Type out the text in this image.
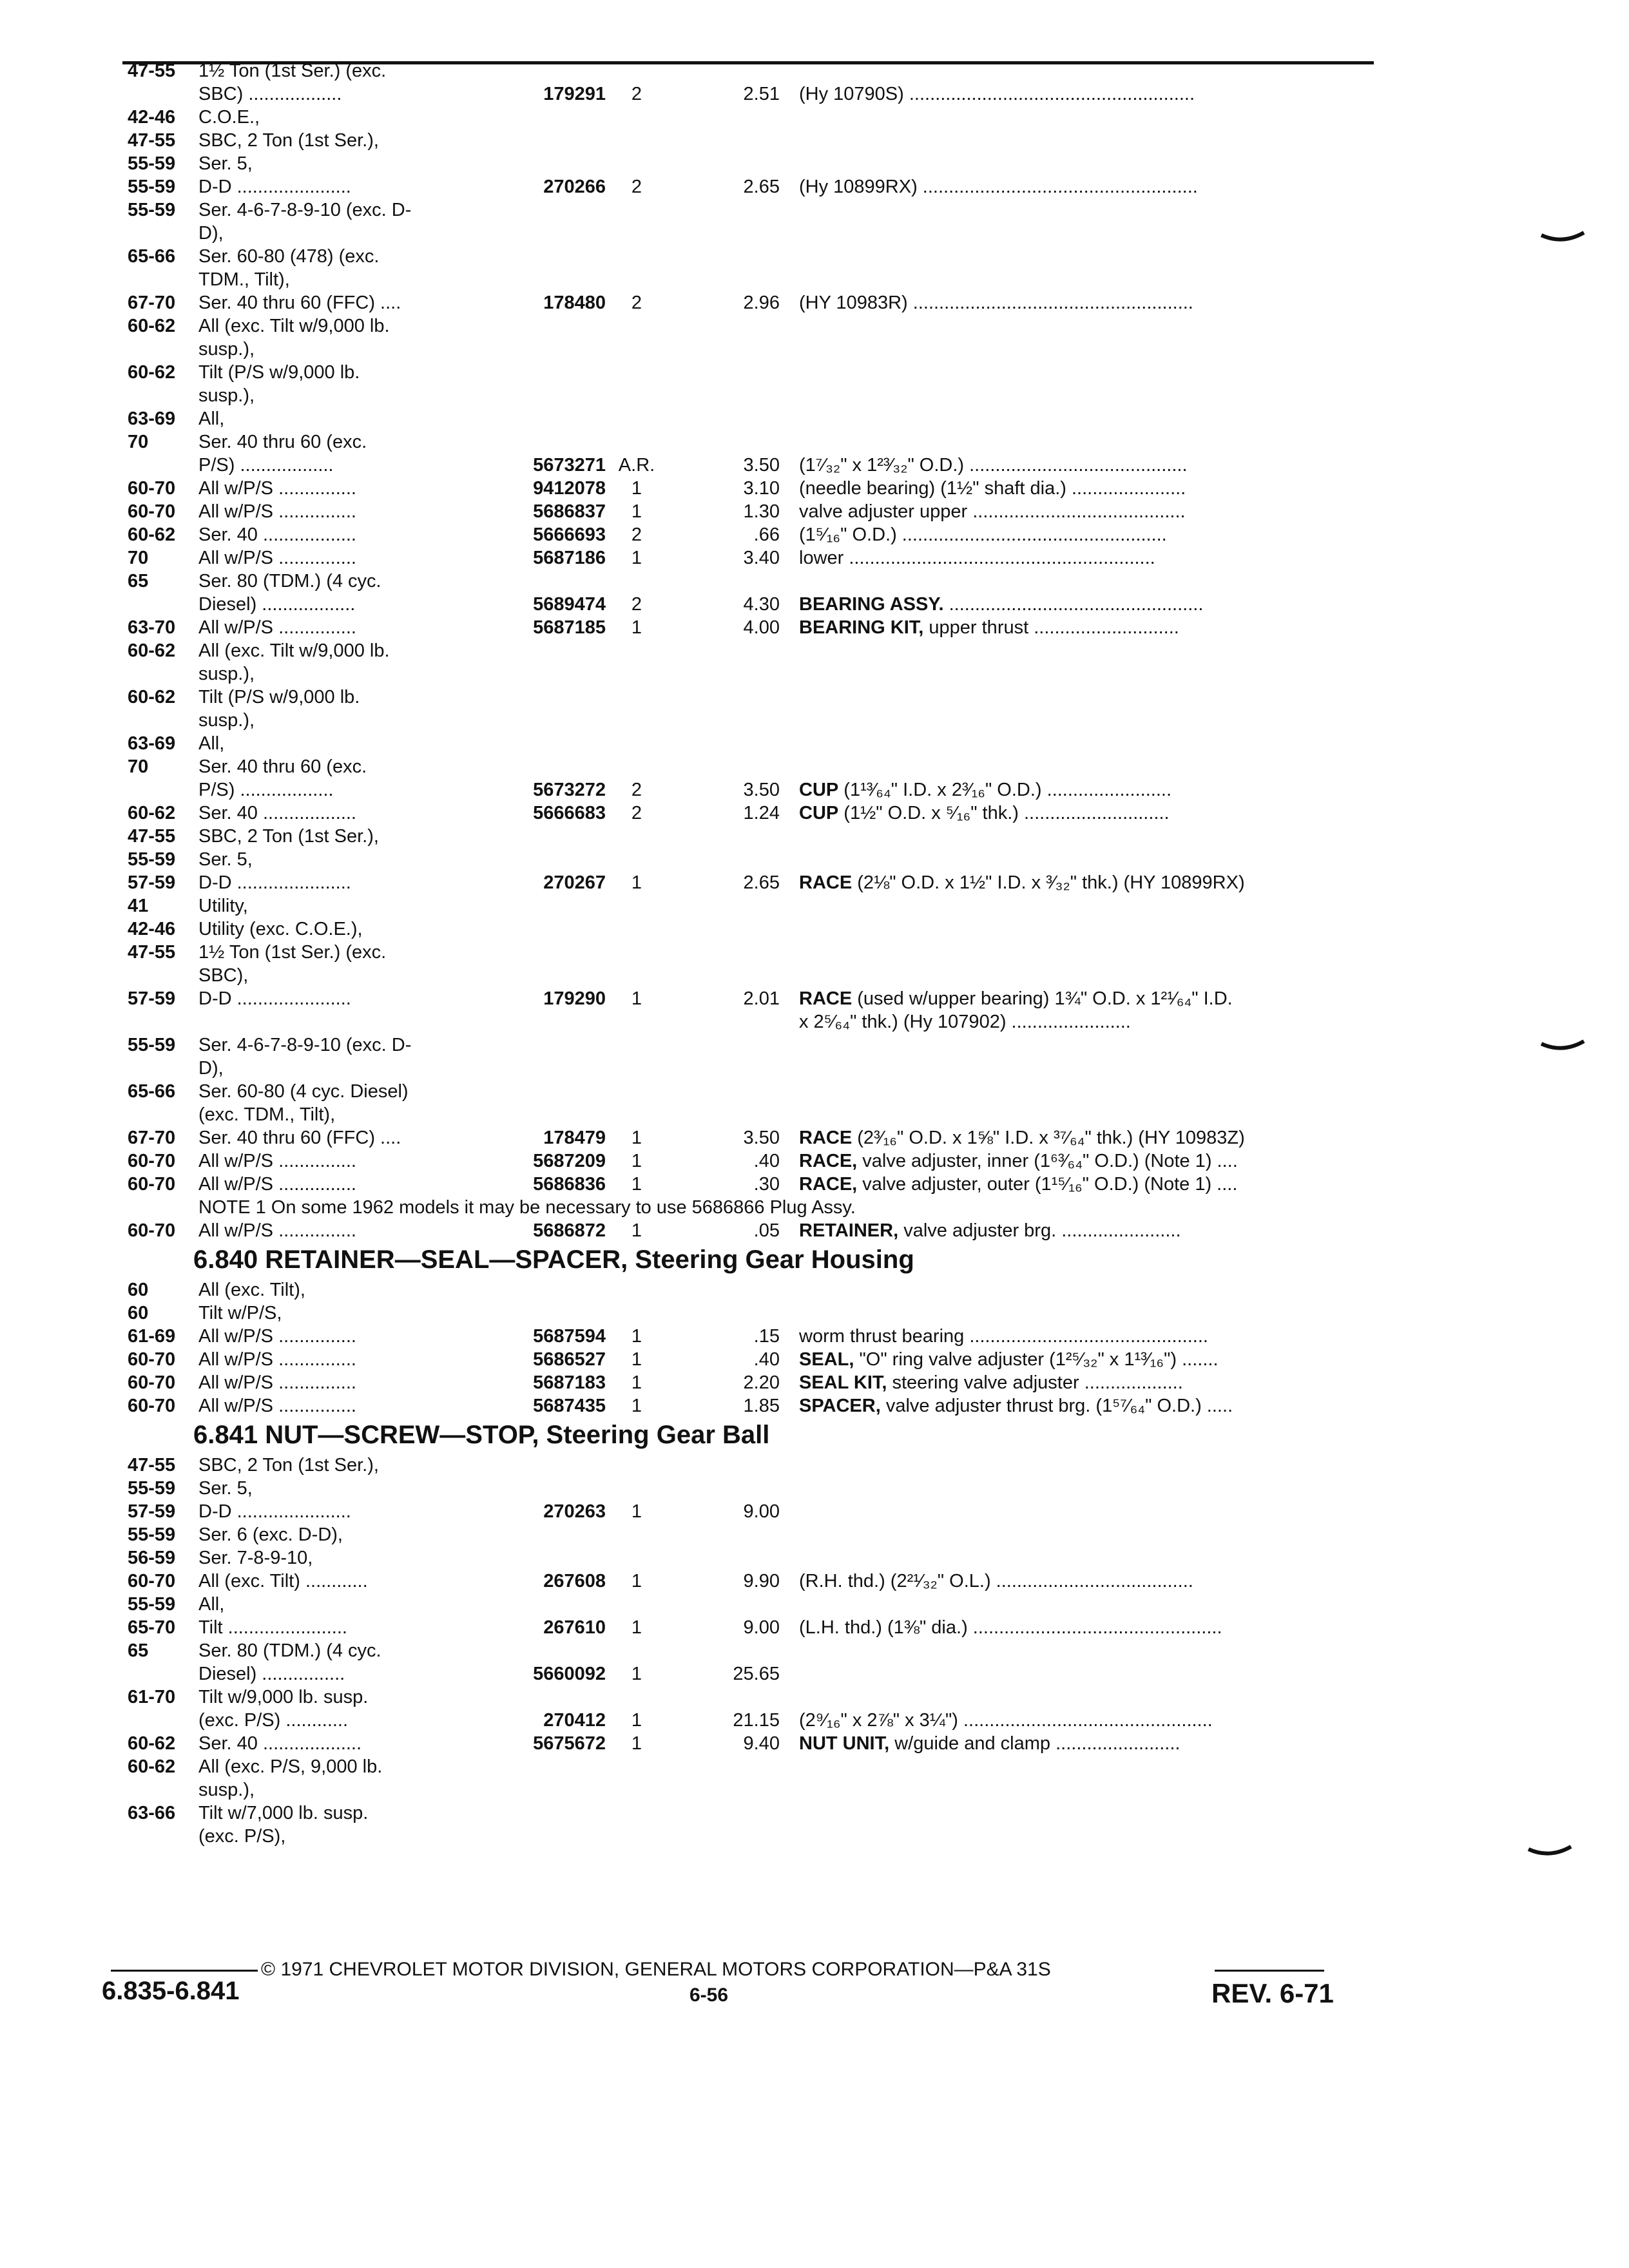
47-55 1½ Ton (1st Ser.) (exc.
SBC) ..................	179291	2	2.51 (Hy 10790S) .......................................................
42-46 C.O.E.,
47-55 SBC, 2 Ton (1st Ser.),
55-59 Ser. 5,
55-59 D-D ......................	270266	2	2.65 (Hy 10899RX) .....................................................
55-59 Ser. 4-6-7-8-9-10 (exc. D-
D),
65-66 Ser. 60-80 (478) (exc.
TDM., Tilt),
67-70 Ser. 40 thru 60 (FFC) ....	178480	2	2.96 (HY 10983R) ......................................................
60-62 All (exc. Tilt w/9,000 lb.
susp.),
60-62 Tilt (P/S w/9,000 lb.
susp.),
63-69 All,
70	Ser. 40 thru 60 (exc.
P/S) ..................	5673271 A.R.	3.50 (1⁷⁄₃₂" x 1²³⁄₃₂" O.D.) ..........................................
60-70 All w/P/S ...............	9412078	1	3.10 (needle bearing) (1½" shaft dia.) ......................
60-70 All w/P/S ...............	5686837	1	1.30 valve adjuster upper .........................................
60-62 Ser. 40 ..................	5666693	2	.66 (1⁵⁄₁₆" O.D.) ...................................................
70	All w/P/S ...............	5687186	1	3.40 lower ...........................................................
65	Ser. 80 (TDM.) (4 cyc.
Diesel) ..................	5689474	2	4.30 BEARING ASSY. .................................................
63-70 All w/P/S ...............	5687185	1	4.00 BEARING KIT, upper thrust ............................
60-62 All (exc. Tilt w/9,000 lb.
susp.),
60-62 Tilt (P/S w/9,000 lb.
susp.),
63-69 All,
70	Ser. 40 thru 60 (exc.
P/S) ..................	5673272	2	3.50 CUP (1¹³⁄₆₄" I.D. x 2³⁄₁₆" O.D.) ........................
60-62 Ser. 40 ..................	5666683	2	1.24 CUP (1½" O.D. x ⁵⁄₁₆" thk.) ............................
47-55 SBC, 2 Ton (1st Ser.),
55-59 Ser. 5,
57-59 D-D ......................	270267	1	2.65 RACE (2⅛" O.D. x 1½" I.D. x ³⁄₃₂" thk.) (HY 10899RX)
41	Utility,
42-46 Utility (exc. C.O.E.),
47-55 1½ Ton (1st Ser.) (exc.
SBC),
57-59 D-D ......................	179290	1	2.01 RACE (used w/upper bearing) 1¾" O.D. x 1²¹⁄₆₄" I.D.
x 2⁵⁄₆₄" thk.) (Hy 107902) .......................
55-59 Ser. 4-6-7-8-9-10 (exc. D-
D),
65-66 Ser. 60-80 (4 cyc. Diesel)
(exc. TDM., Tilt),
67-70 Ser. 40 thru 60 (FFC) ....	178479	1	3.50 RACE (2³⁄₁₆" O.D. x 1⅝" I.D. x ³⁷⁄₆₄" thk.) (HY 10983Z)
60-70 All w/P/S ...............	5687209	1	.40 RACE, valve adjuster, inner (1⁶³⁄₆₄" O.D.) (Note 1) ....
60-70 All w/P/S ...............	5686836	1	.30 RACE, valve adjuster, outer (1¹⁵⁄₁₆" O.D.) (Note 1) ....
NOTE 1 On some 1962 models it may be necessary to use 5686866 Plug Assy.
60-70 All w/P/S ...............	5686872	1	.05 RETAINER, valve adjuster brg. .......................
6.840 RETAINER—SEAL—SPACER, Steering Gear Housing
60	All (exc. Tilt),
60	Tilt w/P/S,
61-69 All w/P/S ...............	5687594	1	.15 worm thrust bearing ..............................................
60-70 All w/P/S ...............	5686527	1	.40 SEAL, "O" ring valve adjuster (1²⁵⁄₃₂" x 1¹³⁄₁₆") .......
60-70 All w/P/S ...............	5687183	1	2.20 SEAL KIT, steering valve adjuster ...................
60-70 All w/P/S ...............	5687435	1	1.85 SPACER, valve adjuster thrust brg. (1⁵⁷⁄₆₄" O.D.) .....
6.841 NUT—SCREW—STOP, Steering Gear Ball
47-55 SBC, 2 Ton (1st Ser.),
55-59 Ser. 5,
57-59 D-D ......................	270263	1	9.00
55-59 Ser. 6 (exc. D-D),
56-59 Ser. 7-8-9-10,
60-70 All (exc. Tilt) ............	267608	1	9.90 (R.H. thd.) (2²¹⁄₃₂" O.L.) ......................................
55-59 All,
65-70 Tilt .......................	267610	1	9.00 (L.H. thd.) (1⅜" dia.) ................................................
65	Ser. 80 (TDM.) (4 cyc.
Diesel) ................	5660092	1	25.65
61-70 Tilt w/9,000 lb. susp.
(exc. P/S) ............	270412	1	21.15 (2⁹⁄₁₆" x 2⅞" x 3¼") ................................................
60-62 Ser. 40 ...................	5675672	1	9.40 NUT UNIT, w/guide and clamp ........................
60-62 All (exc. P/S, 9,000 lb.
susp.),
63-66 Tilt w/7,000 lb. susp.
(exc. P/S),
© 1971 CHEVROLET MOTOR DIVISION, GENERAL MOTORS CORPORATION—P&A 31S
6.835-6.841	6-56	REV. 6-71
